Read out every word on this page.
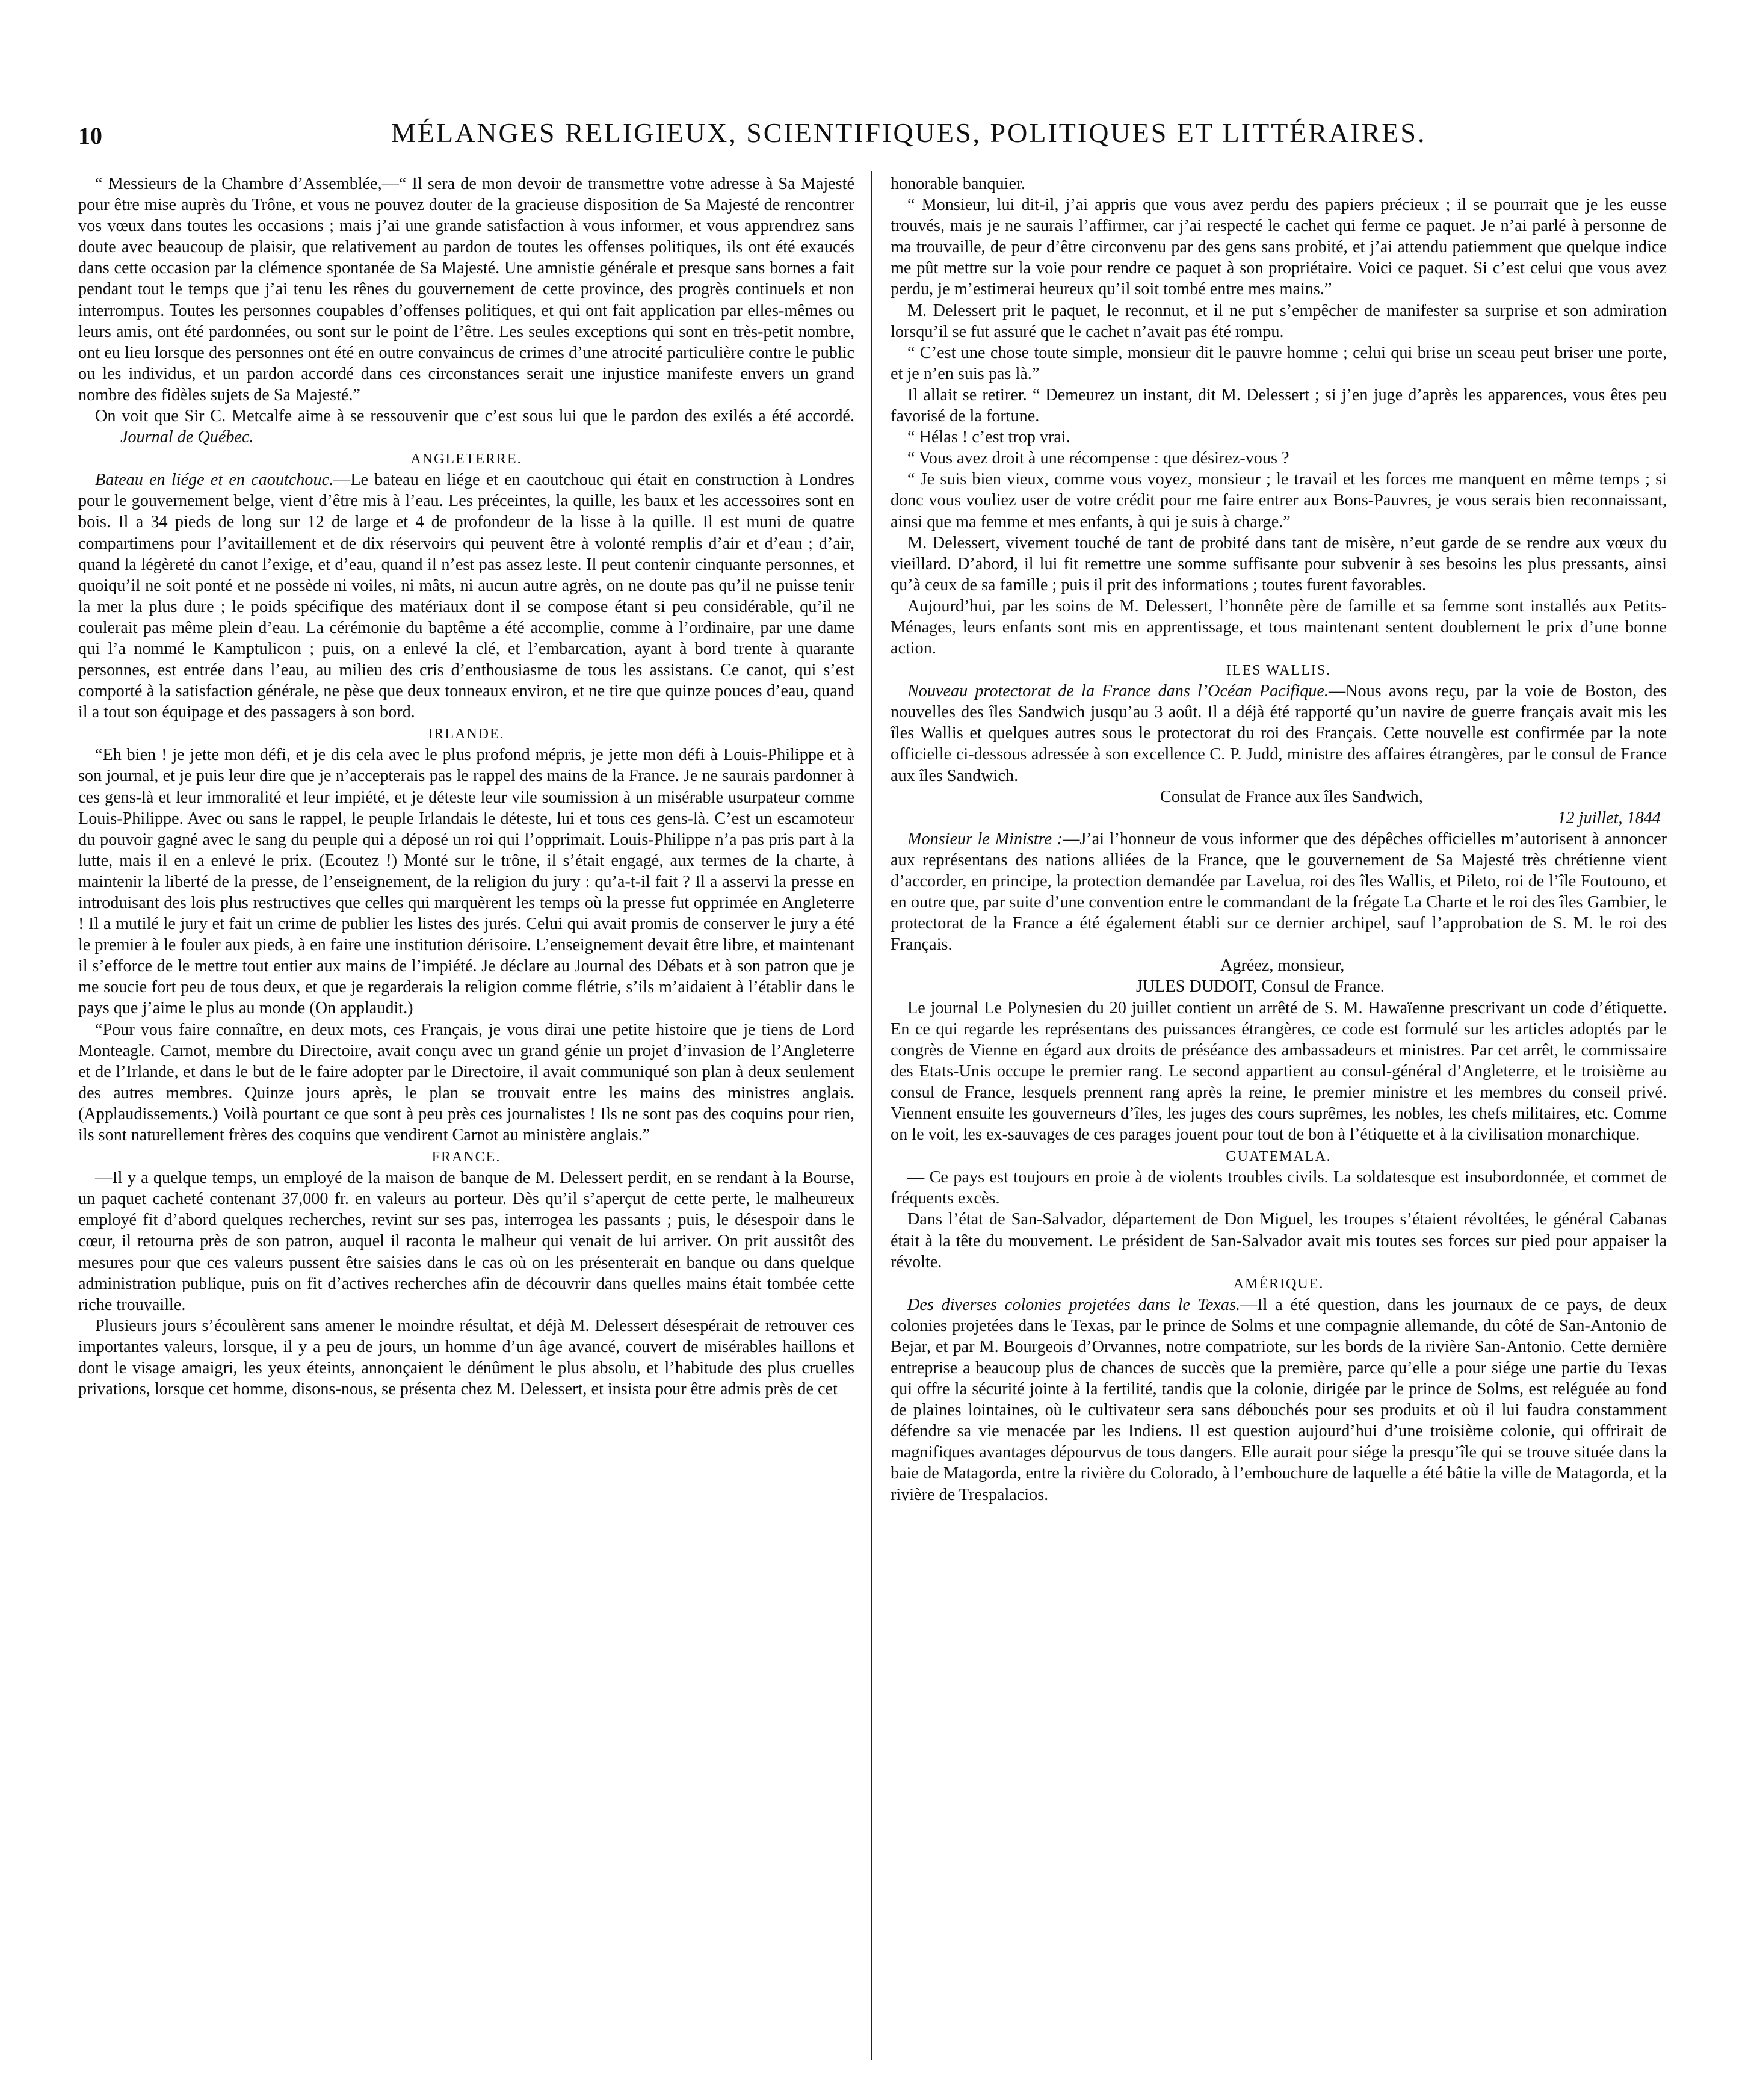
10	MÉLANGES RELIGIEUX, SCIENTIFIQUES, POLITIQUES ET LITTÉRAIRES.

“ Messieurs de la Chambre d’Assemblée,—“ Il sera de mon devoir de transmettre votre adresse à Sa Majesté pour être mise auprès du Trône, et vous ne pouvez douter de la gracieuse disposition de Sa Majesté de rencontrer vos vœux dans toutes les occasions ; mais j’ai une grande satisfaction à vous informer, et vous apprendrez sans doute avec beaucoup de plaisir, que relativement au pardon de toutes les offenses politiques, ils ont été exaucés dans cette occasion par la clémence spontanée de Sa Majesté. Une amnistie générale et presque sans bornes a fait pendant tout le temps que j’ai tenu les rênes du gouvernement de cette province, des progrès continuels et non interrompus. Toutes les personnes coupables d’offenses politiques, et qui ont fait application par elles-mêmes ou leurs amis, ont été pardonnées, ou sont sur le point de l’être. Les seules exceptions qui sont en très-petit nombre, ont eu lieu lorsque des personnes ont été en outre convaincus de crimes d’une atrocité particulière contre le public ou les individus, et un pardon accordé dans ces circonstances serait une injustice manifeste envers un grand nombre des fidèles sujets de Sa Majesté.”

On voit que Sir C. Metcalfe aime à se ressouvenir que c’est sous lui que le pardon des exilés a été accordé. Journal de Québec.

ANGLETERRE.

Bateau en liége et en caoutchouc.—Le bateau en liége et en caoutchouc qui était en construction à Londres pour le gouvernement belge, vient d’être mis à l’eau. Les préceintes, la quille, les baux et les accessoires sont en bois. Il a 34 pieds de long sur 12 de large et 4 de profondeur de la lisse à la quille. Il est muni de quatre compartimens pour l’avitaillement et de dix réservoirs qui peuvent être à volonté remplis d’air et d’eau ; d’air, quand la légèreté du canot l’exige, et d’eau, quand il n’est pas assez leste. Il peut contenir cinquante personnes, et quoiqu’il ne soit ponté et ne possède ni voiles, ni mâts, ni aucun autre agrès, on ne doute pas qu’il ne puisse tenir la mer la plus dure ; le poids spécifique des matériaux dont il se compose étant si peu considérable, qu’il ne coulerait pas même plein d’eau. La cérémonie du baptême a été accomplie, comme à l’ordinaire, par une dame qui l’a nommé le Kamptulicon ; puis, on a enlevé la clé, et l’embarcation, ayant à bord trente à quarante personnes, est entrée dans l’eau, au milieu des cris d’enthousiasme de tous les assistans. Ce canot, qui s’est comporté à la satisfaction générale, ne pèse que deux tonneaux environ, et ne tire que quinze pouces d’eau, quand il a tout son équipage et des passagers à son bord.

IRLANDE.

“Eh bien ! je jette mon défi, et je dis cela avec le plus profond mépris, je jette mon défi à Louis-Philippe et à son journal, et je puis leur dire que je n’accepterais pas le rappel des mains de la France. Je ne saurais pardonner à ces gens-là et leur immoralité et leur impiété, et je déteste leur vile soumission à un misérable usurpateur comme Louis-Philippe. Avec ou sans le rappel, le peuple Irlandais le déteste, lui et tous ces gens-là. C’est un escamoteur du pouvoir gagné avec le sang du peuple qui a déposé un roi qui l’opprimait. Louis-Philippe n’a pas pris part à la lutte, mais il en a enlevé le prix. (Ecoutez !) Monté sur le trône, il s’était engagé, aux termes de la charte, à maintenir la liberté de la presse, de l’enseignement, de la religion du jury : qu’a-t-il fait ? Il a asservi la presse en introduisant des lois plus restructives que celles qui marquèrent les temps où la presse fut opprimée en Angleterre ! Il a mutilé le jury et fait un crime de publier les listes des jurés. Celui qui avait promis de conserver le jury a été le premier à le fouler aux pieds, à en faire une institution dérisoire. L’enseignement devait être libre, et maintenant il s’efforce de le mettre tout entier aux mains de l’impiété. Je déclare au Journal des Débats et à son patron que je me soucie fort peu de tous deux, et que je regarderais la religion comme flétrie, s’ils m’aidaient à l’établir dans le pays que j’aime le plus au monde (On applaudit.)

“Pour vous faire connaître, en deux mots, ces Français, je vous dirai une petite histoire que je tiens de Lord Monteagle. Carnot, membre du Directoire, avait conçu avec un grand génie un projet d’invasion de l’Angleterre et de l’Irlande, et dans le but de le faire adopter par le Directoire, il avait communiqué son plan à deux seulement des autres membres. Quinze jours après, le plan se trouvait entre les mains des ministres anglais. (Applaudissements.) Voilà pourtant ce que sont à peu près ces journalistes ! Ils ne sont pas des coquins pour rien, ils sont naturellement frères des coquins que vendirent Carnot au ministère anglais.”

FRANCE.

—Il y a quelque temps, un employé de la maison de banque de M. Delessert perdit, en se rendant à la Bourse, un paquet cacheté contenant 37,000 fr. en valeurs au porteur. Dès qu’il s’aperçut de cette perte, le malheureux employé fit d’abord quelques recherches, revint sur ses pas, interrogea les passants ; puis, le désespoir dans le cœur, il retourna près de son patron, auquel il raconta le malheur qui venait de lui arriver. On prit aussitôt des mesures pour que ces valeurs pussent être saisies dans le cas où on les présenterait en banque ou dans quelque administration publique, puis on fit d’actives recherches afin de découvrir dans quelles mains était tombée cette riche trouvaille.

Plusieurs jours s’écoulèrent sans amener le moindre résultat, et déjà M. Delessert désespérait de retrouver ces importantes valeurs, lorsque, il y a peu de jours, un homme d’un âge avancé, couvert de misérables haillons et dont le visage amaigri, les yeux éteints, annonçaient le dénûment le plus absolu, et l’habitude des plus cruelles privations, lorsque cet homme, disons-nous, se présenta chez M. Delessert, et insista pour être admis près de cet

honorable banquier.

“ Monsieur, lui dit-il, j’ai appris que vous avez perdu des papiers précieux ; il se pourrait que je les eusse trouvés, mais je ne saurais l’affirmer, car j’ai respecté le cachet qui ferme ce paquet. Je n’ai parlé à personne de ma trouvaille, de peur d’être circonvenu par des gens sans probité, et j’ai attendu patiemment que quelque indice me pût mettre sur la voie pour rendre ce paquet à son propriétaire. Voici ce paquet. Si c’est celui que vous avez perdu, je m’estimerai heureux qu’il soit tombé entre mes mains.”

M. Delessert prit le paquet, le reconnut, et il ne put s’empêcher de manifester sa surprise et son admiration lorsqu’il se fut assuré que le cachet n’avait pas été rompu.

“ C’est une chose toute simple, monsieur dit le pauvre homme ; celui qui brise un sceau peut briser une porte, et je n’en suis pas là.”

Il allait se retirer. “ Demeurez un instant, dit M. Delessert ; si j’en juge d’après les apparences, vous êtes peu favorisé de la fortune.

“ Hélas ! c’est trop vrai.

“ Vous avez droit à une récompense : que désirez-vous ?

“ Je suis bien vieux, comme vous voyez, monsieur ; le travail et les forces me manquent en même temps ; si donc vous vouliez user de votre crédit pour me faire entrer aux Bons-Pauvres, je vous serais bien reconnaissant, ainsi que ma femme et mes enfants, à qui je suis à charge.”

M. Delessert, vivement touché de tant de probité dans tant de misère, n’eut garde de se rendre aux vœux du vieillard. D’abord, il lui fit remettre une somme suffisante pour subvenir à ses besoins les plus pressants, ainsi qu’à ceux de sa famille ; puis il prit des informations ; toutes furent favorables.

Aujourd’hui, par les soins de M. Delessert, l’honnête père de famille et sa femme sont installés aux Petits-Ménages, leurs enfants sont mis en apprentissage, et tous maintenant sentent doublement le prix d’une bonne action.

ILES WALLIS.

Nouveau protectorat de la France dans l’Océan Pacifique.—Nous avons reçu, par la voie de Boston, des nouvelles des îles Sandwich jusqu’au 3 août. Il a déjà été rapporté qu’un navire de guerre français avait mis les îles Wallis et quelques autres sous le protectorat du roi des Français. Cette nouvelle est confirmée par la note officielle ci-dessous adressée à son excellence C. P. Judd, ministre des affaires étrangères, par le consul de France aux îles Sandwich.

Consulat de France aux îles Sandwich,

12 juillet, 1844

Monsieur le Ministre :—J’ai l’honneur de vous informer que des dépêches officielles m’autorisent à annoncer aux représentans des nations alliées de la France, que le gouvernement de Sa Majesté très chrétienne vient d’accorder, en principe, la protection demandée par Lavelua, roi des îles Wallis, et Pileto, roi de l’île Foutouno, et en outre que, par suite d’une convention entre le commandant de la frégate La Charte et le roi des îles Gambier, le protectorat de la France a été également établi sur ce dernier archipel, sauf l’approbation de S. M. le roi des Français.

Agréez, monsieur,

JULES DUDOIT, Consul de France.

Le journal Le Polynesien du 20 juillet contient un arrêté de S. M. Hawaïenne prescrivant un code d’étiquette. En ce qui regarde les représentans des puissances étrangères, ce code est formulé sur les articles adoptés par le congrès de Vienne en égard aux droits de préséance des ambassadeurs et ministres. Par cet arrêt, le commissaire des Etats-Unis occupe le premier rang. Le second appartient au consul-général d’Angleterre, et le troisième au consul de France, lesquels prennent rang après la reine, le premier ministre et les membres du conseil privé. Viennent ensuite les gouverneurs d’îles, les juges des cours suprêmes, les nobles, les chefs militaires, etc. Comme on le voit, les ex-sauvages de ces parages jouent pour tout de bon à l’étiquette et à la civilisation monarchique.

GUATEMALA.

— Ce pays est toujours en proie à de violents troubles civils. La soldatesque est insubordonnée, et commet de fréquents excès.

Dans l’état de San-Salvador, département de Don Miguel, les troupes s’étaient révoltées, le général Cabanas était à la tête du mouvement. Le président de San-Salvador avait mis toutes ses forces sur pied pour appaiser la révolte.

AMÉRIQUE.

Des diverses colonies projetées dans le Texas.—Il a été question, dans les journaux de ce pays, de deux colonies projetées dans le Texas, par le prince de Solms et une compagnie allemande, du côté de San-Antonio de Bejar, et par M. Bourgeois d’Orvannes, notre compatriote, sur les bords de la rivière San-Antonio. Cette dernière entreprise a beaucoup plus de chances de succès que la première, parce qu’elle a pour siége une partie du Texas qui offre la sécurité jointe à la fertilité, tandis que la colonie, dirigée par le prince de Solms, est reléguée au fond de plaines lointaines, où le cultivateur sera sans débouchés pour ses produits et où il lui faudra constamment défendre sa vie menacée par les Indiens. Il est question aujourd’hui d’une troisième colonie, qui offrirait de magnifiques avantages dépourvus de tous dangers. Elle aurait pour siége la presqu’île qui se trouve située dans la baie de Matagorda, entre la rivière du Colorado, à l’embouchure de laquelle a été bâtie la ville de Matagorda, et la rivière de Trespalacios.
